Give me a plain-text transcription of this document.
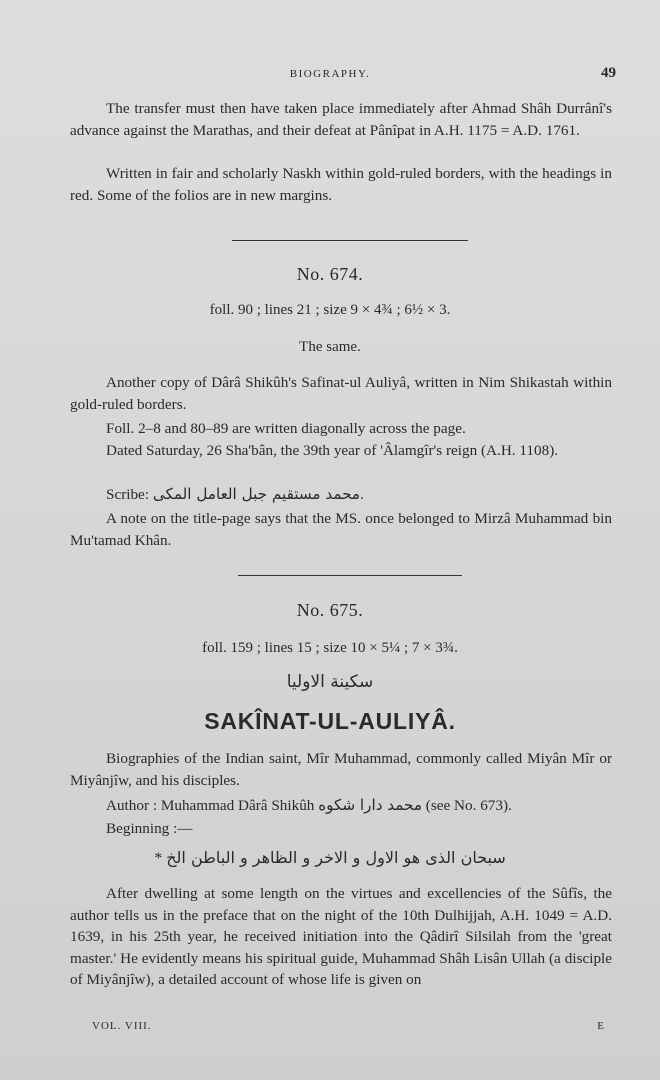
BIOGRAPHY.	49

The transfer must then have taken place immediately after Ahmad Shâh Durrânî's advance against the Marathas, and their defeat at Pânîpat in A.H. 1175 = A.D. 1761.

Written in fair and scholarly Naskh within gold-ruled borders, with the headings in red. Some of the folios are in new margins.

No. 674.
foll. 90 ; lines 21 ; size 9 × 4¾ ; 6½ × 3.
The same.

Another copy of Dârâ Shikûh's Safinat-ul Auliyâ, written in Nim Shikastah within gold-ruled borders.

Foll. 2–8 and 80–89 are written diagonally across the page.

Dated Saturday, 26 Sha'bân, the 39th year of 'Âlamgîr's reign (A.H. 1108).

Scribe: محمد مستقیم جبل العامل المکی.

A note on the title-page says that the MS. once belonged to Mirzâ Muhammad bin Mu'tamad Khân.

No. 675.
foll. 159 ; lines 15 ; size 10 × 5¼ ; 7 × 3¾.
سکینة الاولیا
SAKÎNAT-UL-AULIYÂ.

Biographies of the Indian saint, Mîr Muhammad, commonly called Miyân Mîr or Miyânjîw, and his disciples.

Author : Muhammad Dârâ Shikûh محمد دارا شکوه (see No. 673).
Beginning :—
* سبحان الذی هو الاول و الاخر و الظاهر و الباطن الخ

After dwelling at some length on the virtues and excellencies of the Sûfîs, the author tells us in the preface that on the night of the 10th Dulhijjah, A.H. 1049 = A.D. 1639, in his 25th year, he received initiation into the Qâdirî Silsilah from the 'great master.' He evidently means his spiritual guide, Muhammad Shâh Lisân Ullah (a disciple of Miyânjîw), a detailed account of whose life is given on

VOL. VIII.	E
